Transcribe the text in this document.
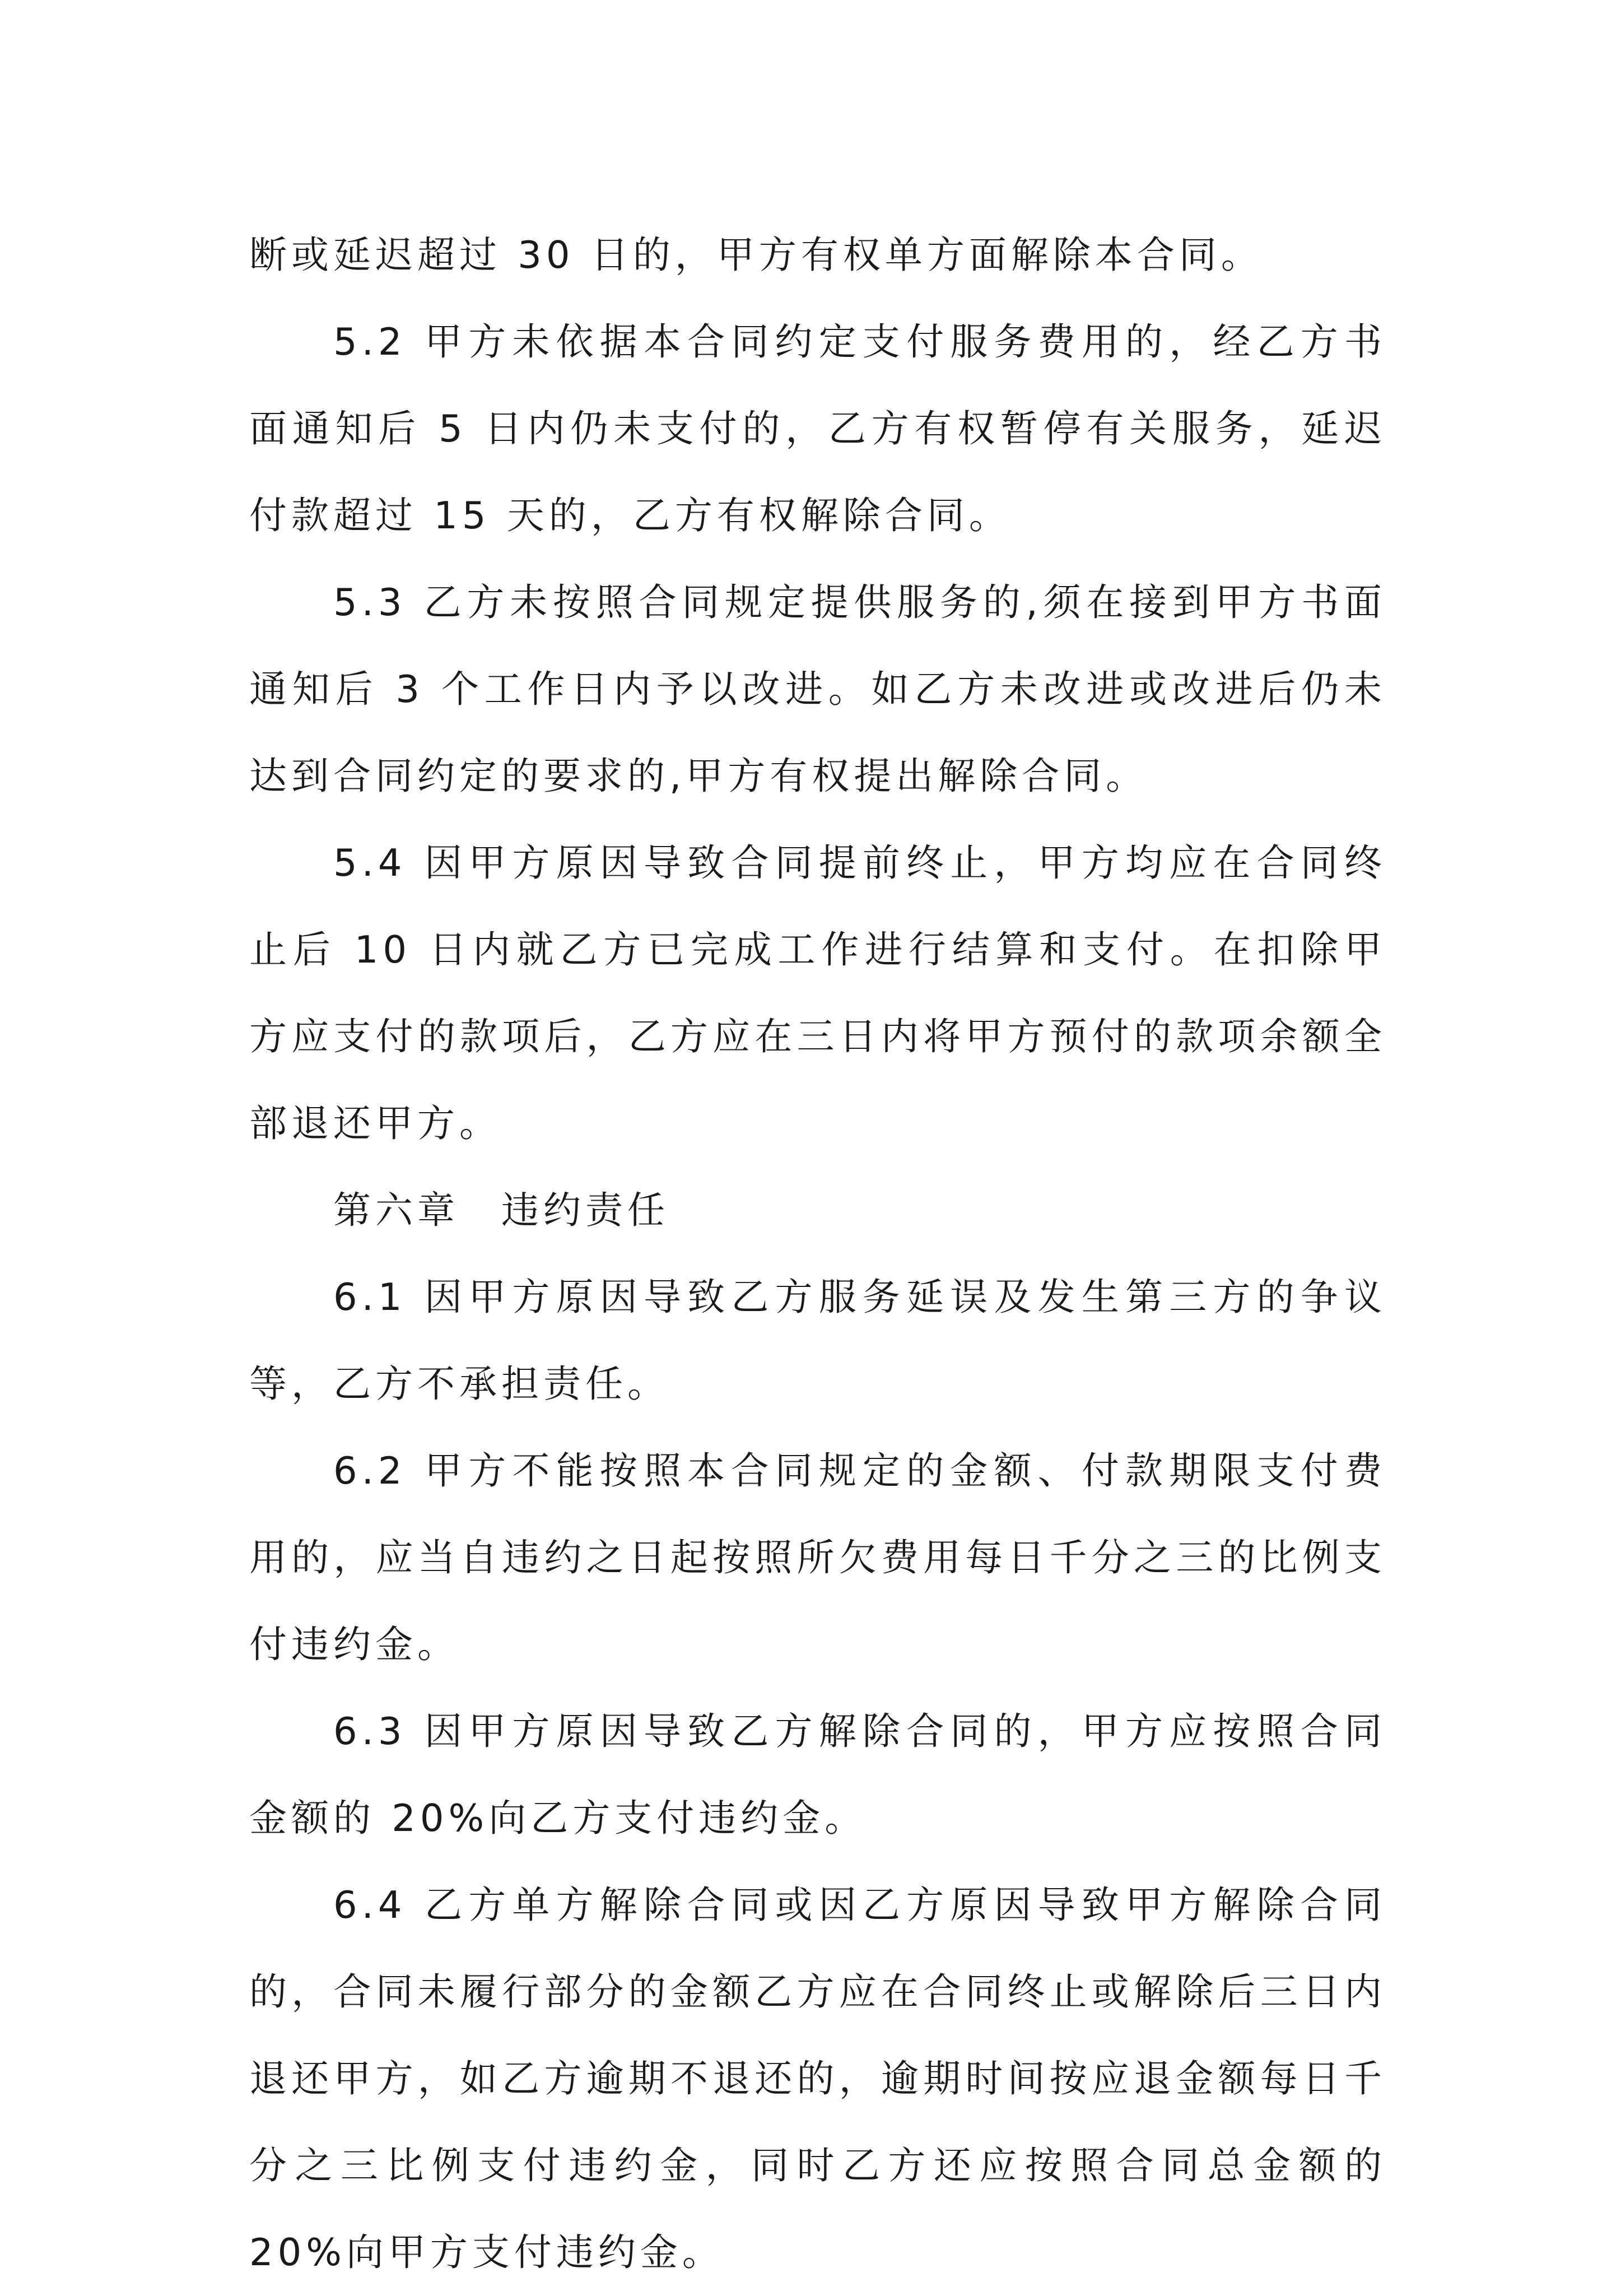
断或延迟超过 30 日的，甲方有权单方面解除本合同。

5.2 甲方未依据本合同约定支付服务费用的，经乙方书面通知后 5 日内仍未支付的，乙方有权暂停有关服务，延迟付款超过 15 天的，乙方有权解除合同。

5.3 乙方未按照合同规定提供服务的,须在接到甲方书面通知后 3 个工作日内予以改进。如乙方未改进或改进后仍未达到合同约定的要求的,甲方有权提出解除合同。

5.4 因甲方原因导致合同提前终止，甲方均应在合同终止后 10 日内就乙方已完成工作进行结算和支付。在扣除甲方应支付的款项后，乙方应在三日内将甲方预付的款项余额全部退还甲方。

第六章　违约责任

6.1 因甲方原因导致乙方服务延误及发生第三方的争议等，乙方不承担责任。

6.2 甲方不能按照本合同规定的金额、付款期限支付费用的，应当自违约之日起按照所欠费用每日千分之三的比例支付违约金。

6.3 因甲方原因导致乙方解除合同的，甲方应按照合同金额的 20%向乙方支付违约金。

6.4 乙方单方解除合同或因乙方原因导致甲方解除合同的，合同未履行部分的金额乙方应在合同终止或解除后三日内退还甲方，如乙方逾期不退还的，逾期时间按应退金额每日千分之三比例支付违约金，同时乙方还应按照合同总金额的 20%向甲方支付违约金。
